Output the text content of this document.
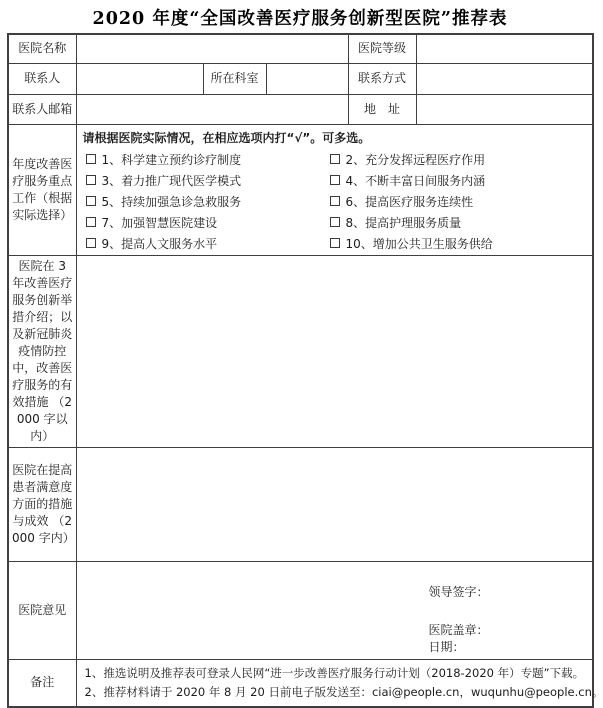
2020 年度“全国改善医疗服务创新型医院”推荐表
医院名称				医院等级	
联系人		所在科室		联系方式	
联系人邮箱				地　址	
年度改善医疗服务重点工作（根据实际选择）	
请根据医院实际情况，在相应选项内打“√”。可多选。
1、科学建立预约诊疗制度	2、充分发挥远程医疗作用
3、着力推广现代医学模式	4、不断丰富日间服务内涵
5、持续加强急诊急救服务	6、提高医疗服务连续性
7、加强智慧医院建设	8、提高护理服务质量
9、提高人文服务水平	10、增加公共卫生服务供给

医院在 3 年改善医疗服务创新举措介绍；以及新冠肺炎疫情防控中，改善医疗服务的有效措施 （2000 字以内）					
医院在提高患者满意度方面的措施与成效 （2000 字内）					
医院意见	领导签字：
医院盖章：
日期：				

备注	1、推选说明及推荐表可登录人民网“进一步改善医疗服务行动计划（2018-2020 年）专题”下载。
2、推荐材料请于 2020 年 8 月 20 日前电子版发送至：ciai@people.cn，wuqunhu@people.cn。				
